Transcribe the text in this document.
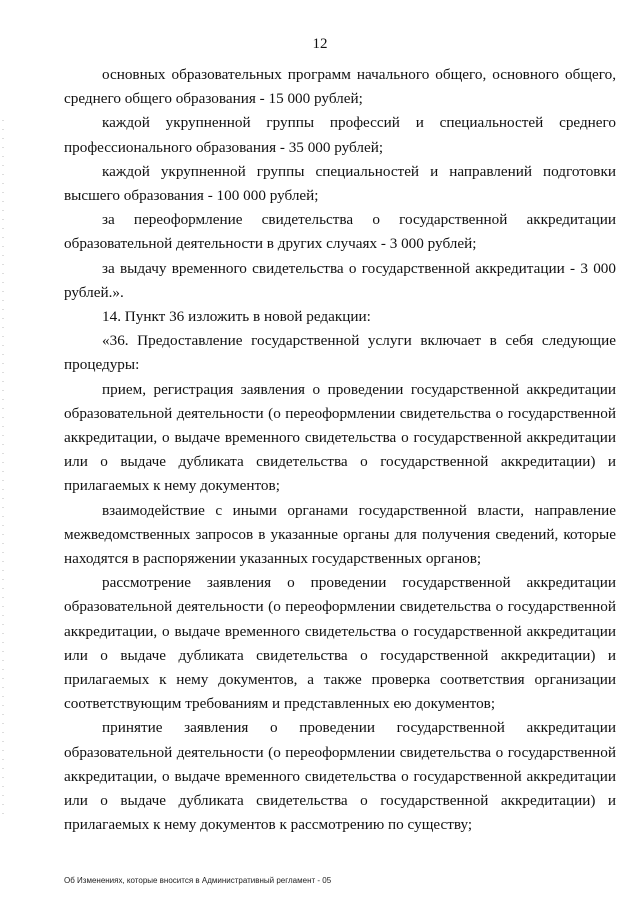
12

основных образовательных программ начального общего, основного общего, среднего общего образования - 15 000 рублей;

каждой укрупненной группы профессий и специальностей среднего профессионального образования - 35 000 рублей;

каждой укрупненной группы специальностей и направлений подготовки высшего образования - 100 000 рублей;

за переоформление свидетельства о государственной аккредитации образовательной деятельности в других случаях - 3 000 рублей;

за выдачу временного свидетельства о государственной аккредитации - 3 000 рублей.».

14. Пункт 36 изложить в новой редакции:

«36. Предоставление государственной услуги включает в себя следующие процедуры:

прием, регистрация заявления о проведении государственной аккредитации образовательной деятельности (о переоформлении свидетельства о государственной аккредитации, о выдаче временного свидетельства о государственной аккредитации или о выдаче дубликата свидетельства о государственной аккредитации) и прилагаемых к нему документов;

взаимодействие с иными органами государственной власти, направление межведомственных запросов в указанные органы для получения сведений, которые находятся в распоряжении указанных государственных органов;

рассмотрение заявления о проведении государственной аккредитации образовательной деятельности (о переоформлении свидетельства о государственной аккредитации, о выдаче временного свидетельства о государственной аккредитации или о выдаче дубликата свидетельства о государственной аккредитации) и прилагаемых к нему документов, а также проверка соответствия организации соответствующим требованиям и представленных ею документов;

принятие заявления о проведении государственной аккредитации образовательной деятельности (о переоформлении свидетельства о государственной аккредитации, о выдаче временного свидетельства о государственной аккредитации или о выдаче дубликата свидетельства о государственной аккредитации) и прилагаемых к нему документов к рассмотрению по существу;

Об Изменениях, которые вносится в Административный регламент - 05
